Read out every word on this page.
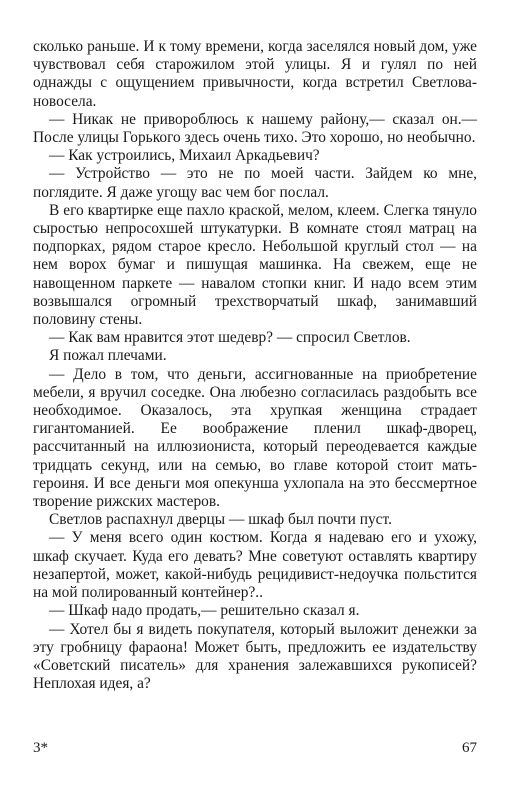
сколько раньше. И к тому времени, когда заселялся новый дом, уже чувствовал себя старожилом этой улицы. Я и гулял по ней однажды с ощущением привычности, когда встретил Светлова-новосела.

— Никак не привороблюсь к нашему району,— сказал он.— После улицы Горького здесь очень тихо. Это хорошо, но необычно.

— Как устроились, Михаил Аркадьевич?

— Устройство — это не по моей части. Зайдем ко мне, поглядите. Я даже угощу вас чем бог послал.

В его квартирке еще пахло краской, мелом, клеем. Слегка тянуло сыростью непросохшей штукатурки. В комнате стоял матрац на подпорках, рядом старое кресло. Небольшой круглый стол — на нем ворох бумаг и пишущая машинка. На свежем, еще не навощенном паркете — навалом стопки книг. И надо всем этим возвышался огромный трехстворчатый шкаф, занимавший половину стены.

— Как вам нравится этот шедевр? — спросил Светлов.

Я пожал плечами.

— Дело в том, что деньги, ассигнованные на приобретение мебели, я вручил соседке. Она любезно согласилась раздобыть все необходимое. Оказалось, эта хрупкая женщина страдает гигантоманией. Ее воображение пленил шкаф-дворец, рассчитанный на иллюзиониста, который переодевается каждые тридцать секунд, или на семью, во главе которой стоит мать-героиня. И все деньги моя опекунша ухлопала на это бессмертное творение рижских мастеров.

Светлов распахнул дверцы — шкаф был почти пуст.

— У меня всего один костюм. Когда я надеваю его и ухожу, шкаф скучает. Куда его девать? Мне советуют оставлять квартиру незапертой, может, какой-нибудь рецидивист-недоучка польстится на мой полированный контейнер?..

— Шкаф надо продать,— решительно сказал я.

— Хотел бы я видеть покупателя, который выложит денежки за эту гробницу фараона! Может быть, предложить ее издательству «Советский писатель» для хранения залежавшихся рукописей? Неплохая идея, а?

3*	67
